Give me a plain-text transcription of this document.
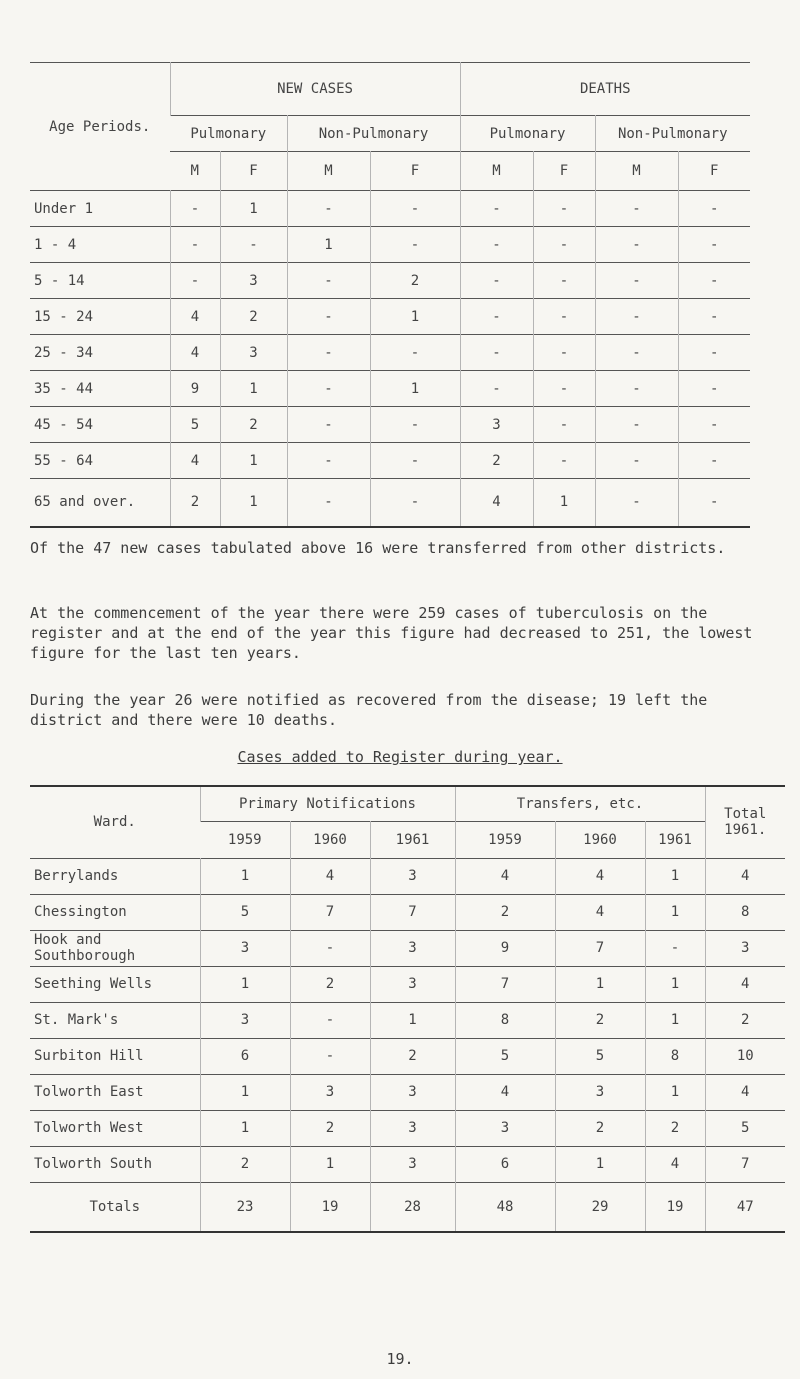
Age Periods.	NEW CASES				DEATHS			
	Pulmonary		Non-Pulmonary		Pulmonary		Non-Pulmonary	
	M	F	M	F	M	F	M	F
Under 1	-	1	-	-	-	-	-	-
1 - 4	-	-	1	-	-	-	-	-
5 - 14	-	3	-	2	-	-	-	-
15 - 24	4	2	-	1	-	-	-	-
25 - 34	4	3	-	-	-	-	-	-
35 - 44	9	1	-	1	-	-	-	-
45 - 54	5	2	-	-	3	-	-	-
55 - 64	4	1	-	-	2	-	-	-
65 and over.	2	1	-	-	4	1	-	-

Of the 47 new cases tabulated above 16 were transferred from other districts.

At the commencement of the year there were 259 cases of tuberculosis on the register and at the end of the year this figure had decreased to 251, the lowest figure for the last ten years.

During the year 26 were notified as recovered from the disease; 19 left the district and there were 10 deaths.

Cases added to Register during year.
Ward.	Primary Notifications			Transfers, etc.			Total 1961.
	1959	1960	1961	1959	1960	1961	
Berrylands	1	4	3	4	4	1	4
Chessington	5	7	7	2	4	1	8
Hook and Southborough	3	-	3	9	7	-	3
Seething Wells	1	2	3	7	1	1	4
St. Mark's	3	-	1	8	2	1	2
Surbiton Hill	6	-	2	5	5	8	10
Tolworth East	1	3	3	4	3	1	4
Tolworth West	1	2	3	3	2	2	5
Tolworth South	2	1	3	6	1	4	7
Totals	23	19	28	48	29	19	47
19.
